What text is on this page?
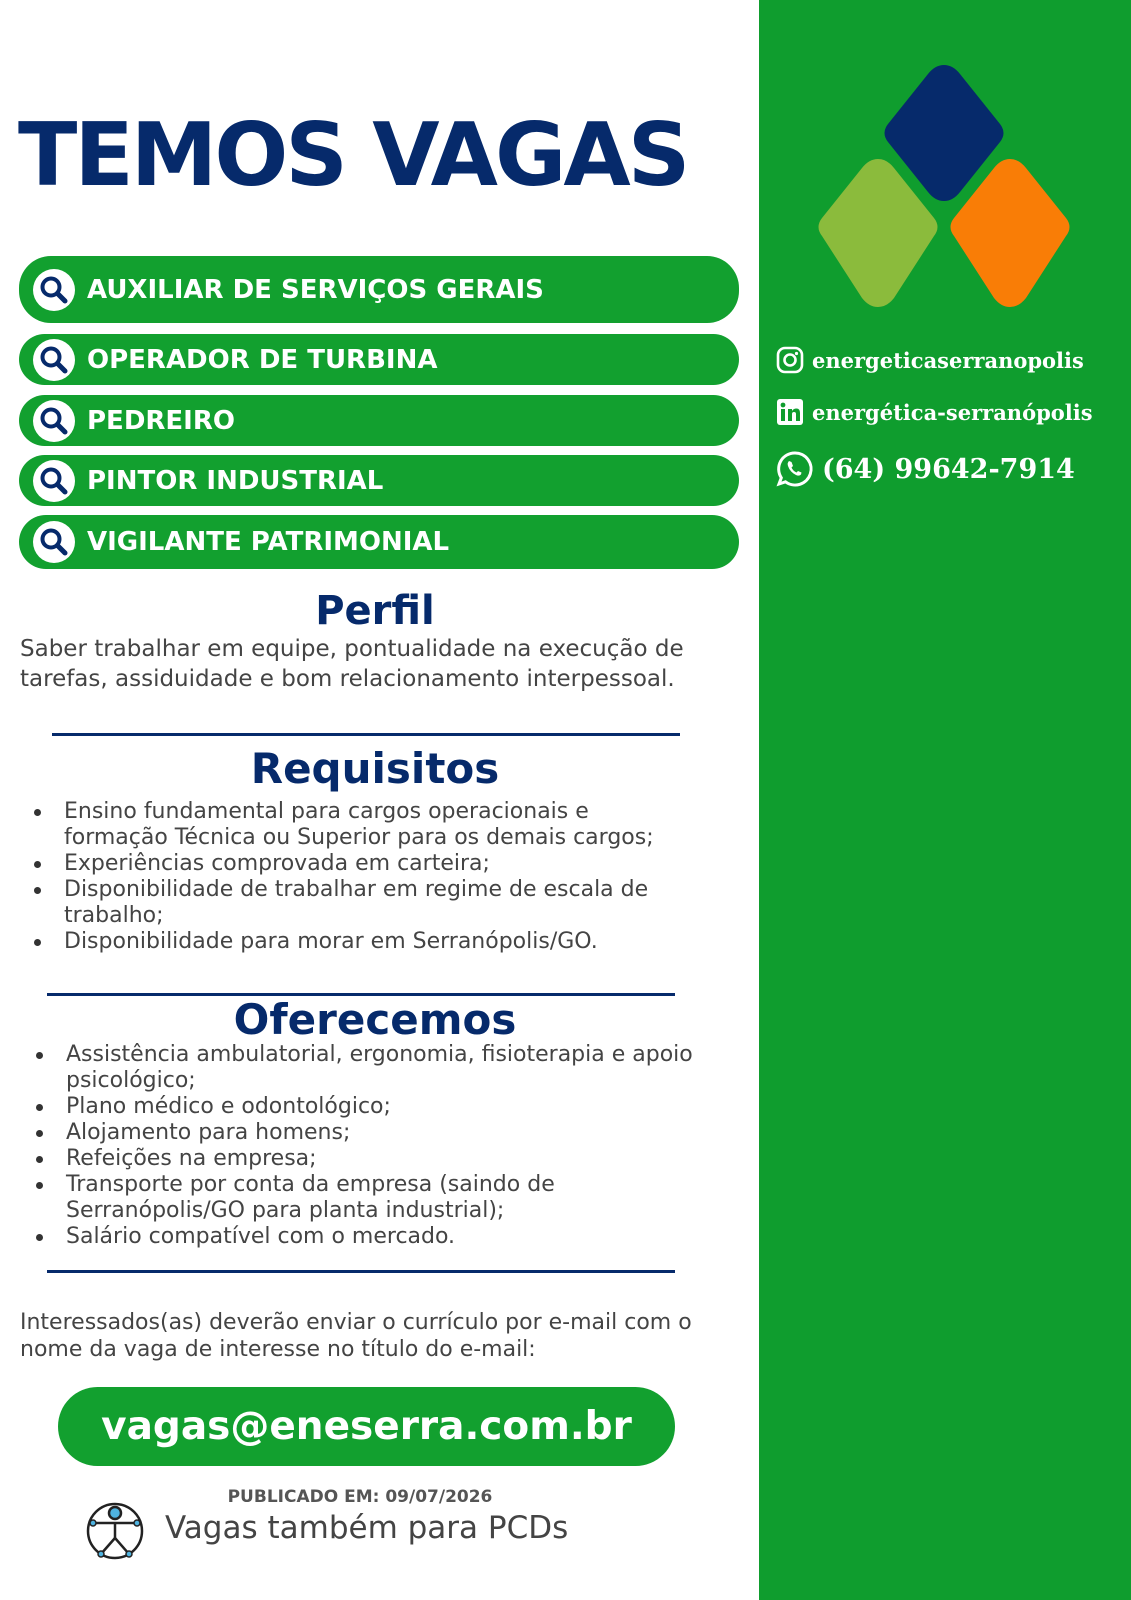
energeticaserranopolis
energética-serranópolis
(64) 99642-7914
TEMOS VAGAS
AUXILIAR DE SERVIÇOS GERAIS
OPERADOR DE TURBINA
PEDREIRO
PINTOR INDUSTRIAL
VIGILANTE PATRIMONIAL
Perfil
Saber trabalhar em equipe, pontualidade na execução de tarefas, assiduidade e bom relacionamento interpessoal.
Requisitos
Ensino fundamental para cargos operacionais e formação Técnica ou Superior para os demais cargos;
Experiências comprovada em carteira;
Disponibilidade de trabalhar em regime de escala de trabalho;
Disponibilidade para morar em Serranópolis/GO.
Oferecemos
Assistência ambulatorial, ergonomia, fisioterapia e apoio psicológico;
Plano médico e odontológico;
Alojamento para homens;
Refeições na empresa;
Transporte por conta da empresa (saindo de Serranópolis/GO para planta industrial);
Salário compatível com o mercado.
Interessados(as) deverão enviar o currículo por e-mail com o nome da vaga de interesse no título do e-mail:
vagas@eneserra.com.br
PUBLICADO EM: 09/07/2026
Vagas também para PCDs
